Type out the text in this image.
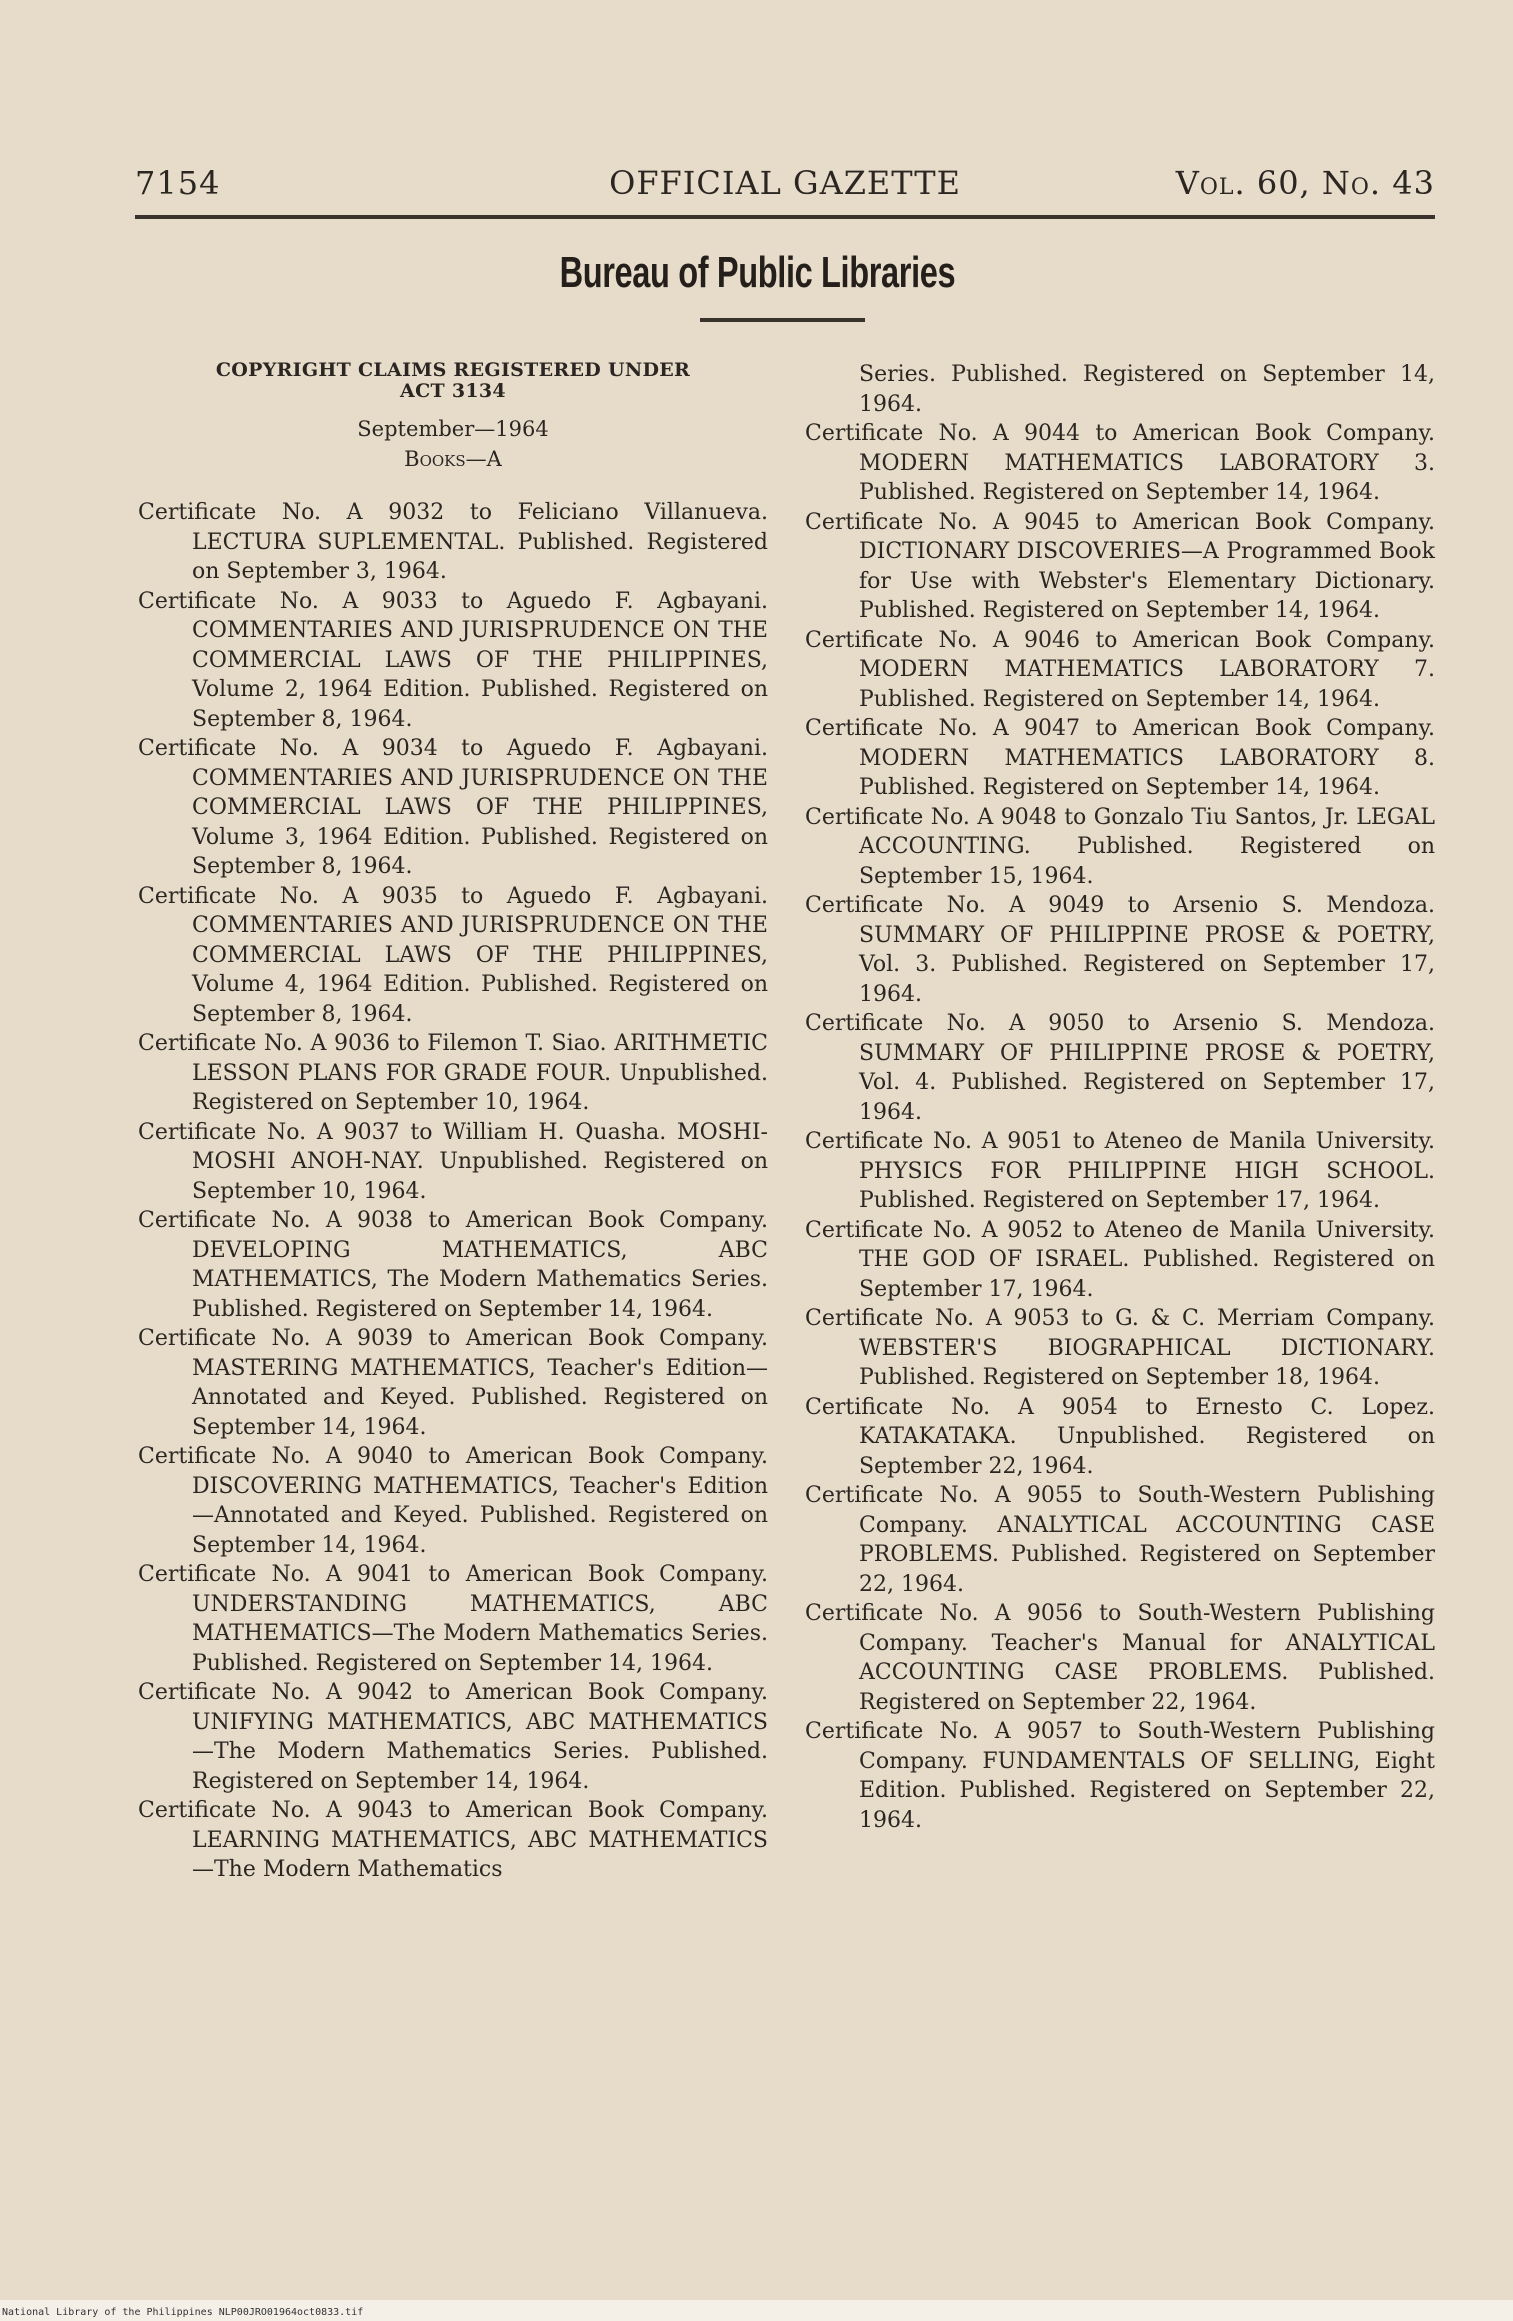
7154	OFFICIAL GAZETTE	Vol. 60, No. 43
Bureau of Public Libraries
COPYRIGHT CLAIMS REGISTERED UNDER
ACT 3134
September—1964
Books—A

Certificate No. A 9032 to Feliciano Villanueva. LECTURA SUPLEMENTAL. Published. Registered on September 3, 1964.

Certificate No. A 9033 to Aguedo F. Agbayani. COMMENTARIES AND JURISPRUDENCE ON THE COMMERCIAL LAWS OF THE PHILIPPINES, Volume 2, 1964 Edition. Published. Registered on September 8, 1964.

Certificate No. A 9034 to Aguedo F. Agbayani. COMMENTARIES AND JURISPRUDENCE ON THE COMMERCIAL LAWS OF THE PHILIPPINES, Volume 3, 1964 Edition. Published. Registered on September 8, 1964.

Certificate No. A 9035 to Aguedo F. Agbayani. COMMENTARIES AND JURISPRUDENCE ON THE COMMERCIAL LAWS OF THE PHILIPPINES, Volume 4, 1964 Edition. Published. Registered on September 8, 1964.

Certificate No. A 9036 to Filemon T. Siao. ARITHMETIC LESSON PLANS FOR GRADE FOUR. Unpublished. Registered on September 10, 1964.

Certificate No. A 9037 to William H. Quasha. MOSHI-MOSHI ANOH-NAY. Unpublished. Registered on September 10, 1964.

Certificate No. A 9038 to American Book Company. DEVELOPING MATHEMATICS, ABC MATHEMATICS, The Modern Mathematics Series. Published. Registered on September 14, 1964.

Certificate No. A 9039 to American Book Company. MASTERING MATHEMATICS, Teacher's Edition—Annotated and Keyed. Published. Registered on September 14, 1964.

Certificate No. A 9040 to American Book Company. DISCOVERING MATHEMATICS, Teacher's Edition—Annotated and Keyed. Published. Registered on September 14, 1964.

Certificate No. A 9041 to American Book Company. UNDERSTANDING MATHEMATICS, ABC MATHEMATICS—The Modern Mathematics Series. Published. Registered on September 14, 1964.

Certificate No. A 9042 to American Book Company. UNIFYING MATHEMATICS, ABC MATHEMATICS—The Modern Mathematics Series. Published. Registered on September 14, 1964.

Certificate No. A 9043 to American Book Company. LEARNING MATHEMATICS, ABC MATHEMATICS—The Modern Mathematics

Series. Published. Registered on September 14, 1964.

Certificate No. A 9044 to American Book Company. MODERN MATHEMATICS LABORATORY 3. Published. Registered on September 14, 1964.

Certificate No. A 9045 to American Book Company. DICTIONARY DISCOVERIES—A Programmed Book for Use with Webster's Elementary Dictionary. Published. Registered on September 14, 1964.

Certificate No. A 9046 to American Book Company. MODERN MATHEMATICS LABORATORY 7. Published. Registered on September 14, 1964.

Certificate No. A 9047 to American Book Company. MODERN MATHEMATICS LABORATORY 8. Published. Registered on September 14, 1964.

Certificate No. A 9048 to Gonzalo Tiu Santos, Jr. LEGAL ACCOUNTING. Published. Registered on September 15, 1964.

Certificate No. A 9049 to Arsenio S. Mendoza. SUMMARY OF PHILIPPINE PROSE & POETRY, Vol. 3. Published. Registered on September 17, 1964.

Certificate No. A 9050 to Arsenio S. Mendoza. SUMMARY OF PHILIPPINE PROSE & POETRY, Vol. 4. Published. Registered on September 17, 1964.

Certificate No. A 9051 to Ateneo de Manila University. PHYSICS FOR PHILIPPINE HIGH SCHOOL. Published. Registered on September 17, 1964.

Certificate No. A 9052 to Ateneo de Manila University. THE GOD OF ISRAEL. Published. Registered on September 17, 1964.

Certificate No. A 9053 to G. & C. Merriam Company. WEBSTER'S BIOGRAPHICAL DICTIONARY. Published. Registered on September 18, 1964.

Certificate No. A 9054 to Ernesto C. Lopez. KATAKATAKA. Unpublished. Registered on September 22, 1964.

Certificate No. A 9055 to South-Western Publishing Company. ANALYTICAL ACCOUNTING CASE PROBLEMS. Published. Registered on September 22, 1964.

Certificate No. A 9056 to South-Western Publishing Company. Teacher's Manual for ANALYTICAL ACCOUNTING CASE PROBLEMS. Published. Registered on September 22, 1964.

Certificate No. A 9057 to South-Western Publishing Company. FUNDAMENTALS OF SELLING, Eight Edition. Published. Registered on September 22, 1964.

National Library of the Philippines NLP00JRO01964oct0833.tif
